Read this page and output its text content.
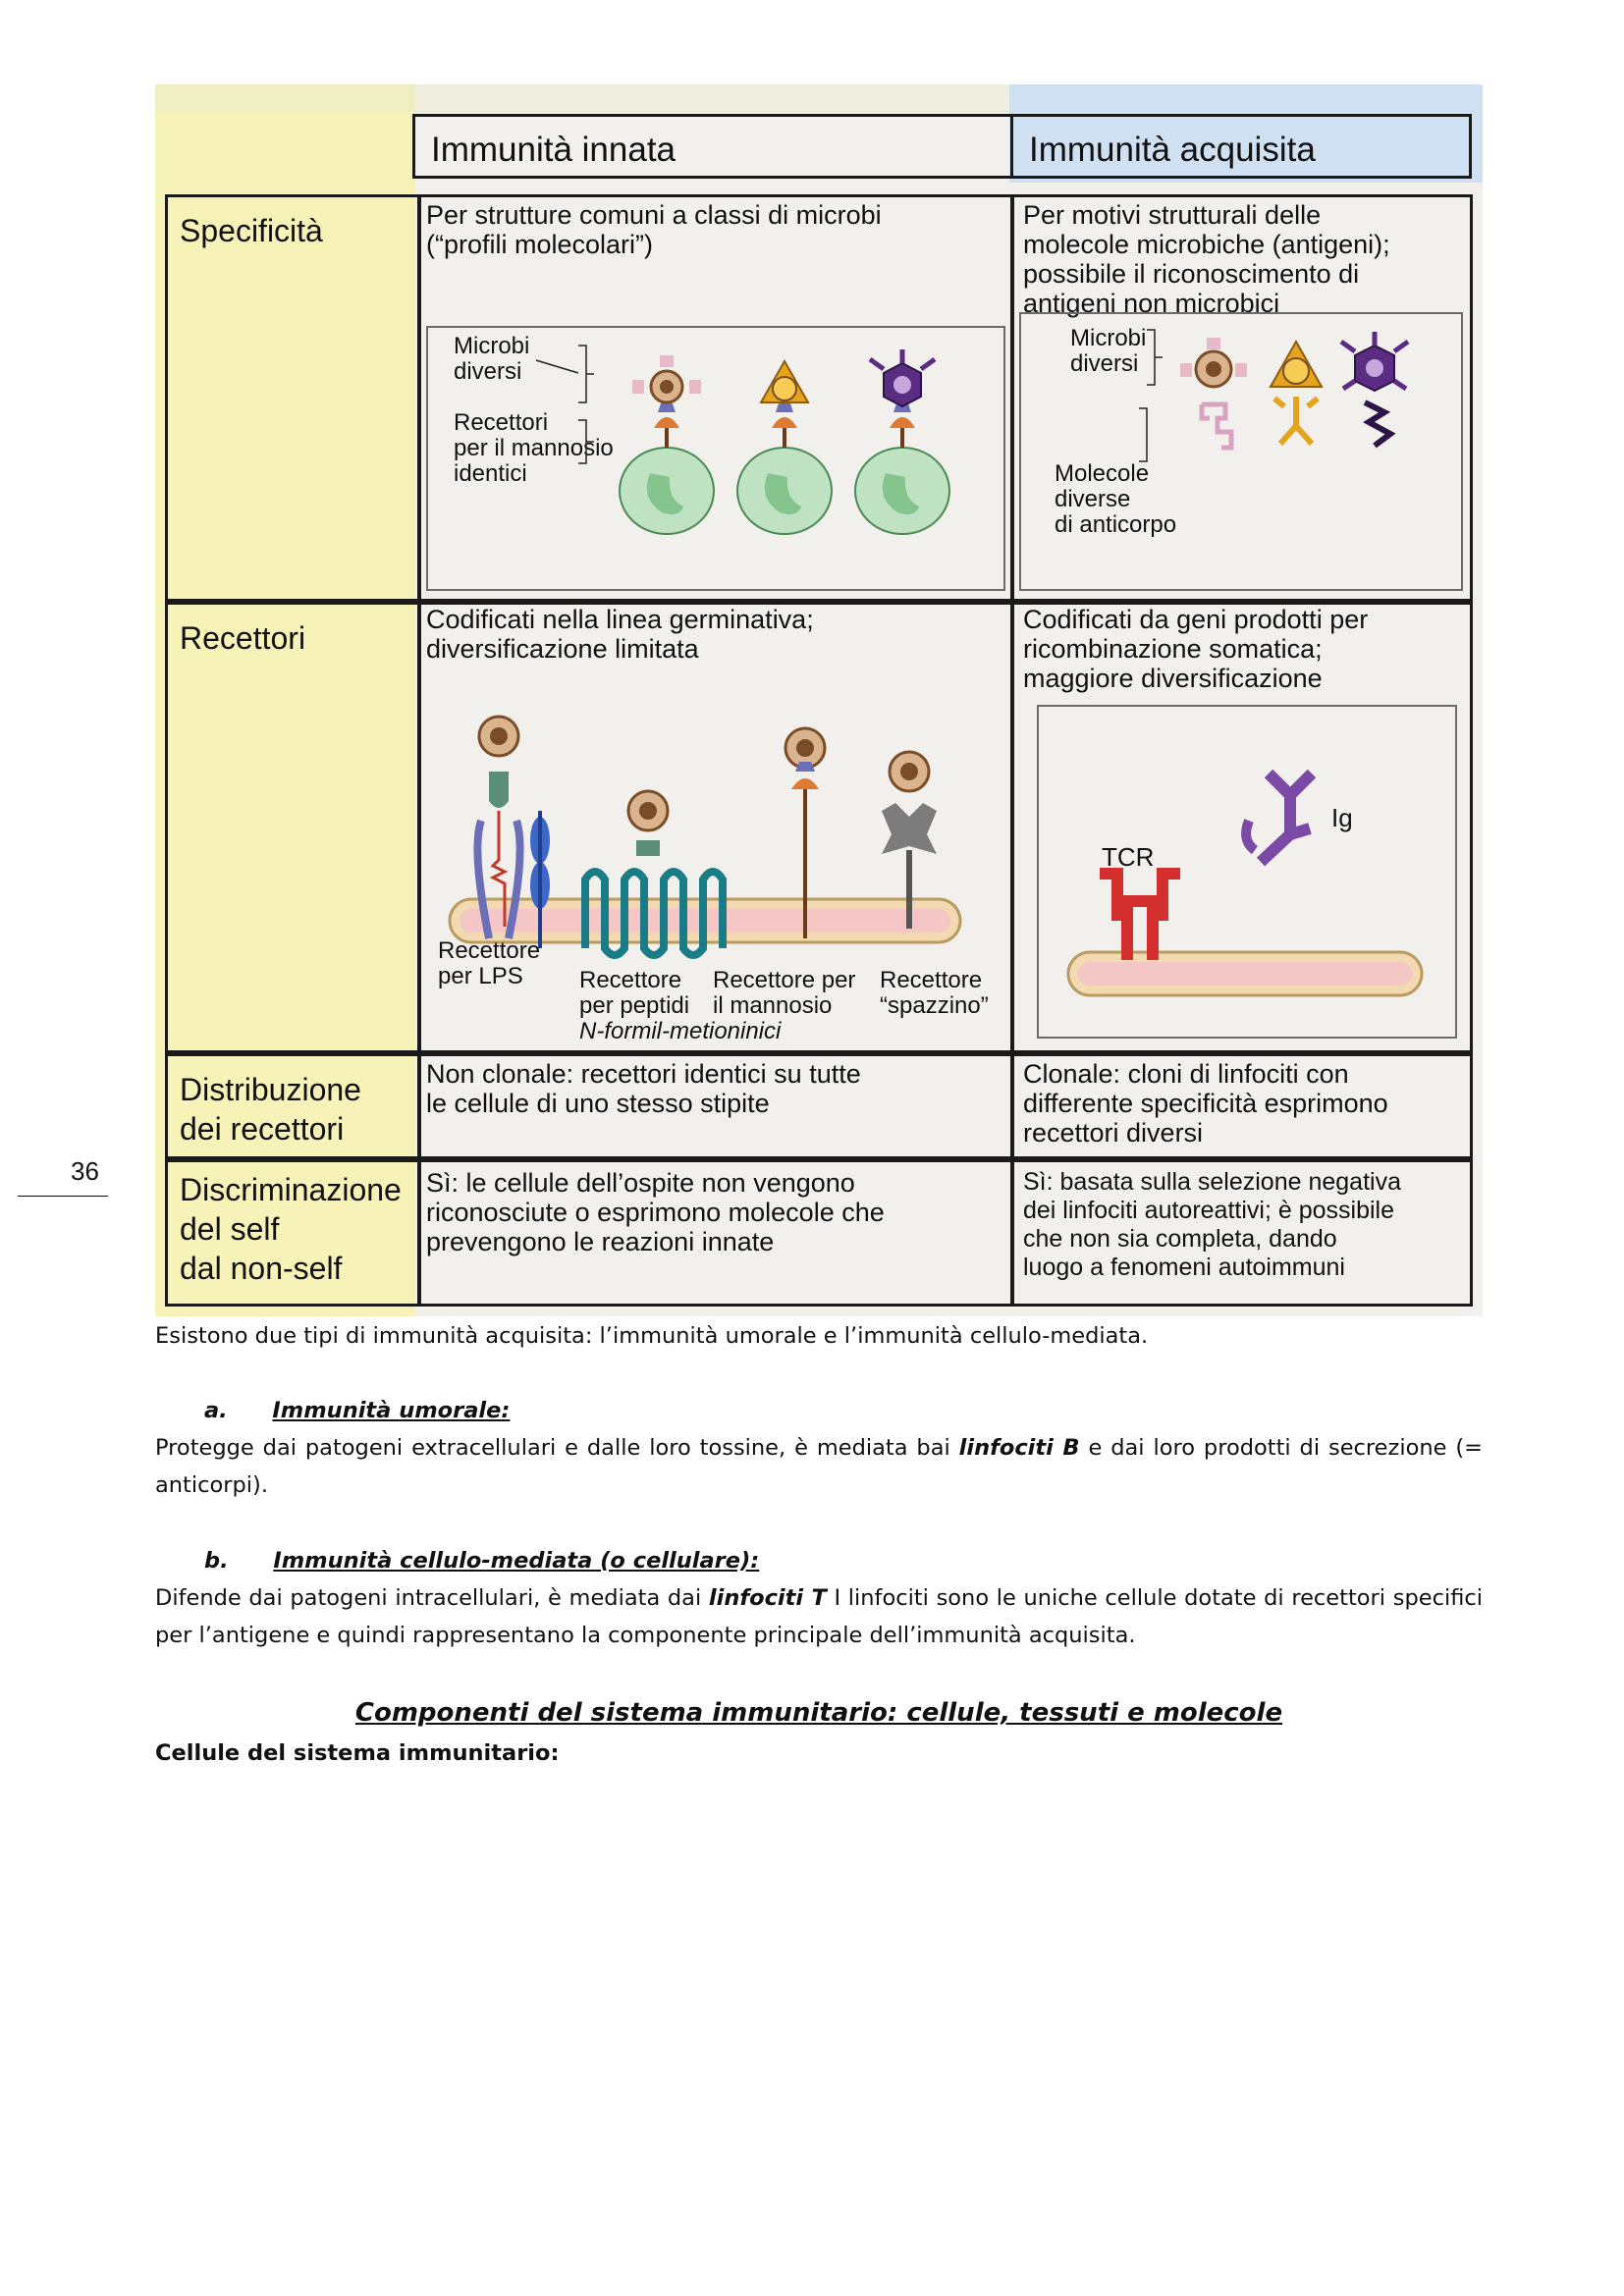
Immunità innata	Immunità acquisita
Specificità
Recettori
Distribuzione
dei recettori
Discriminazione
del self
dal non-self
Per strutture comuni a classi di microbi
(“profili molecolari”)
Per motivi strutturali delle
molecole microbiche (antigeni);
possibile il riconoscimento di
antigeni non microbici
Microbi
diversi
Recettori
per il mannosio
identici
Microbi
diversi
Molecole
diverse
di anticorpo
Codificati nella linea germinativa;
diversificazione limitata
Codificati da geni prodotti per
ricombinazione somatica;
maggiore diversificazione
Recettore
per LPS	Recettore
per peptidi
N-formil-metioninici
Recettore per
il mannosio
Recettore
“spazzino”
TCR
Ig
Non clonale: recettori identici su tutte
le cellule di uno stesso stipite
Clonale: cloni di linfociti con
differente specificità esprimono
recettori diversi
Sì: le cellule dell’ospite non vengono
riconosciute o esprimono molecole che
prevengono le reazioni innate
Sì: basata sulla selezione negativa
dei linfociti autoreattivi; è possibile
che non sia completa, dando
luogo a fenomeni autoimmuni
36
Esistono due tipi di immunità acquisita: l’immunità umorale e l’immunità cellulo-mediata.
a. Immunità umorale:
Protegge dai patogeni extracellulari e dalle loro tossine, è mediata bai linfociti B e dai loro prodotti di secrezione (= anticorpi).
b. Immunità cellulo-mediata (o cellulare):
Difende dai patogeni intracellulari, è mediata dai linfociti T I linfociti sono le uniche cellule dotate di recettori specifici per l’antigene e quindi rappresentano la componente principale dell’immunità acquisita.
Componenti del sistema immunitario: cellule, tessuti e molecole
Cellule del sistema immunitario:
